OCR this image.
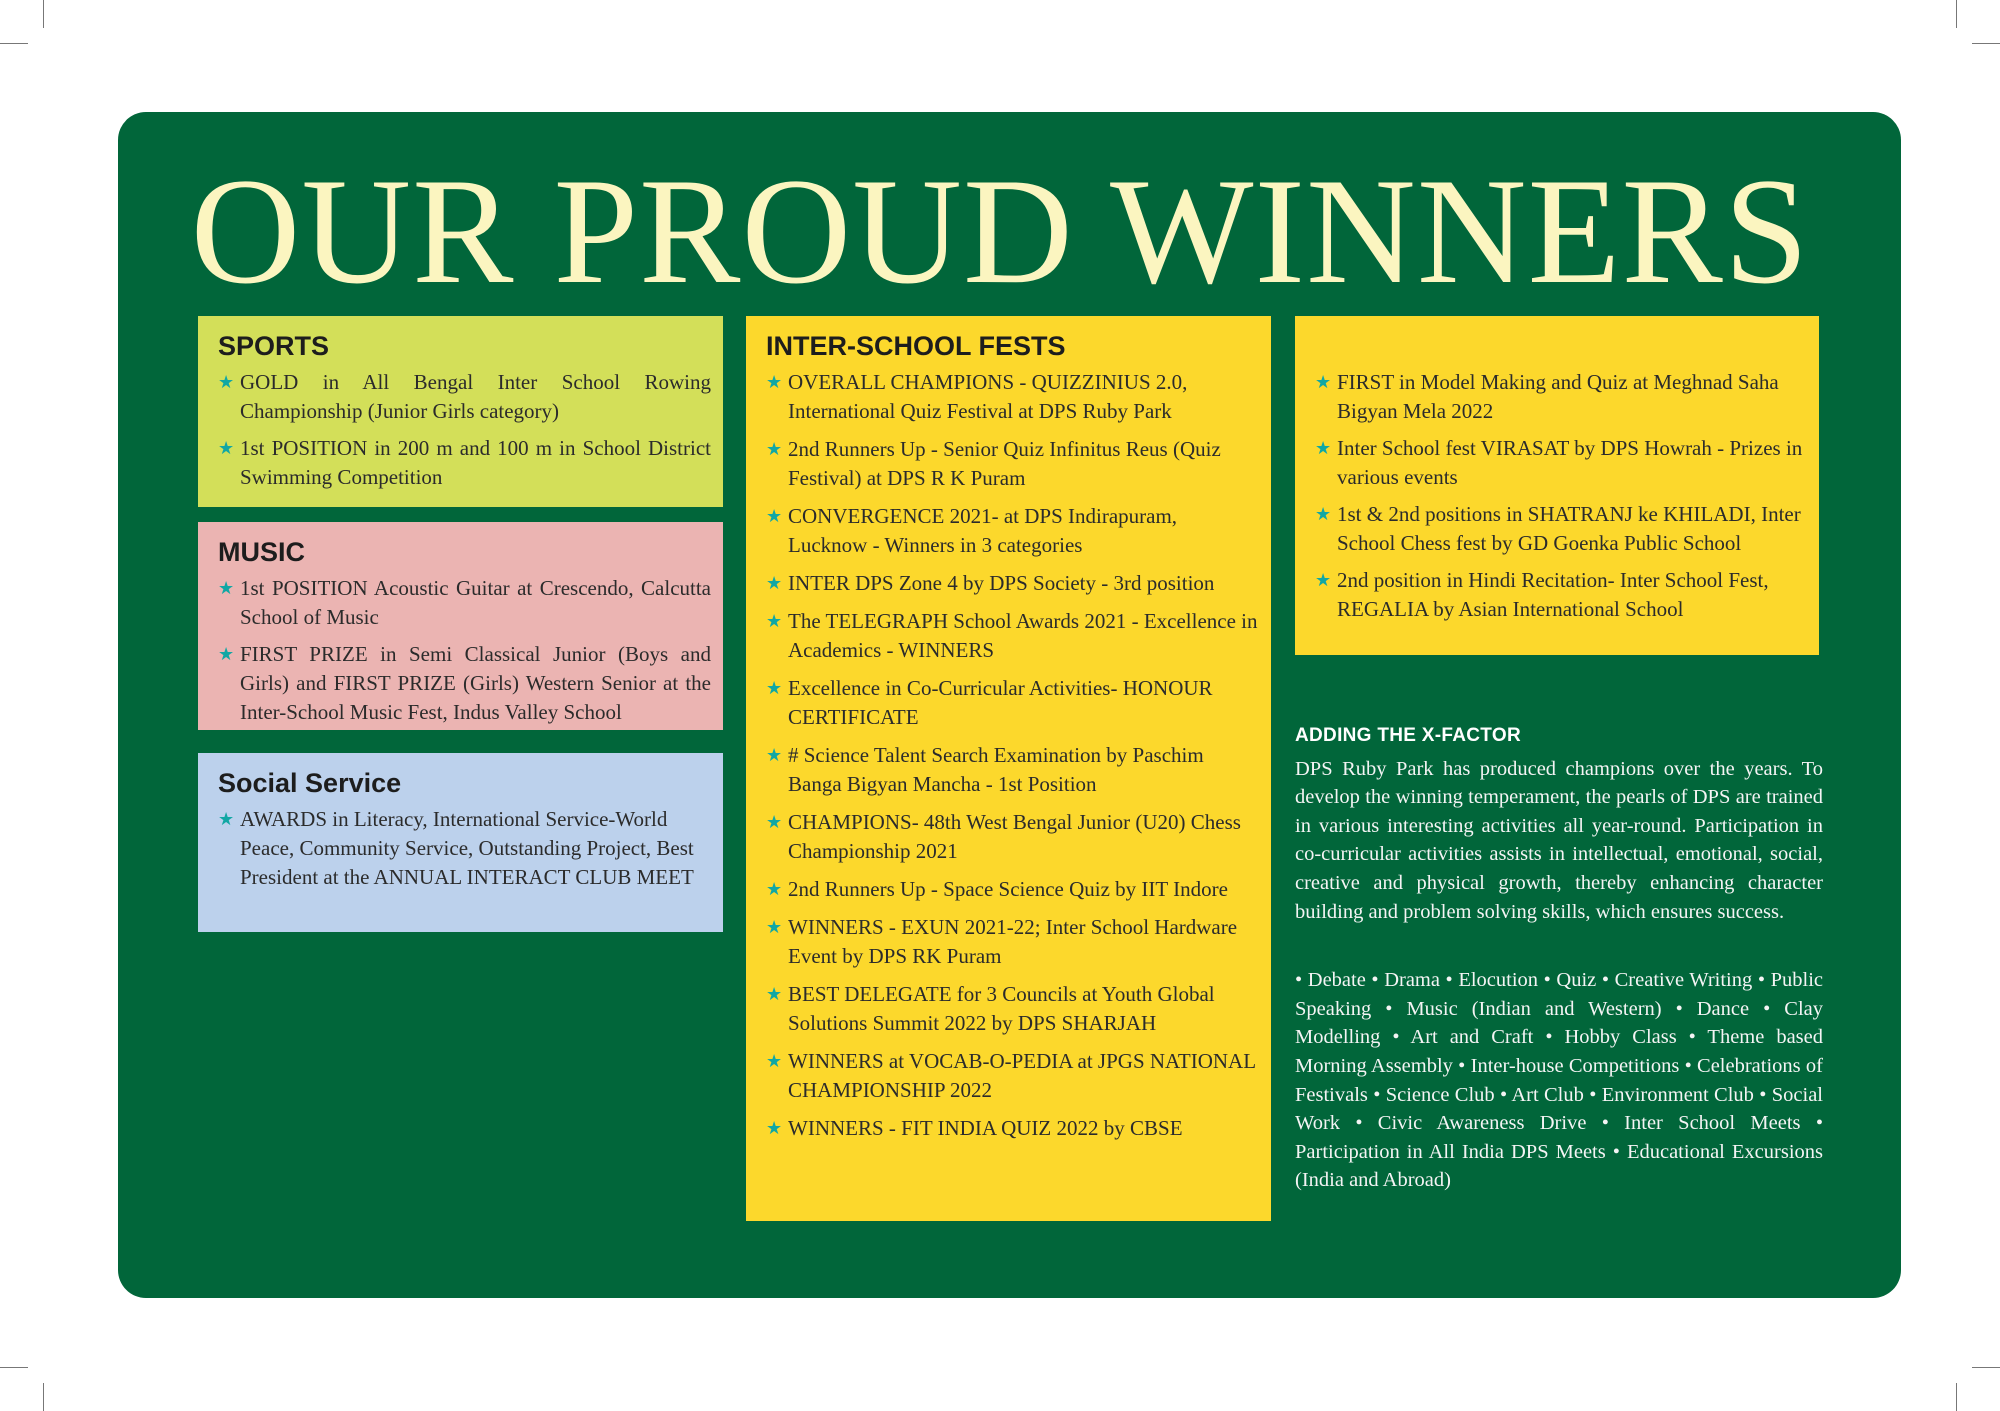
OUR PROUD WINNERS
SPORTS
★ GOLD in All Bengal Inter School Rowing Championship (Junior Girls category)
★ 1st POSITION in 200 m and 100 m in School District Swimming Competition
MUSIC
★ 1st POSITION Acoustic Guitar at Crescendo, Calcutta School of Music
★ FIRST PRIZE in Semi Classical Junior (Boys and Girls) and FIRST PRIZE (Girls) Western Senior at the Inter-School Music Fest, Indus Valley School
Social Service
★ AWARDS in Literacy, International Service-World Peace, Community Service, Outstanding Project, Best President at the ANNUAL INTERACT CLUB MEET
INTER-SCHOOL FESTS
★ OVERALL CHAMPIONS - QUIZZINIUS 2.0, International Quiz Festival at DPS Ruby Park
★ 2nd Runners Up - Senior Quiz Infinitus Reus (Quiz Festival) at DPS R K Puram
★ CONVERGENCE 2021- at DPS Indirapuram, Lucknow - Winners in 3 categories
★ INTER DPS Zone 4 by DPS Society - 3rd position
★ The TELEGRAPH School Awards 2021 - Excellence in Academics - WINNERS
★ Excellence in Co-Curricular Activities- HONOUR CERTIFICATE
★ # Science Talent Search Examination by Paschim Banga Bigyan Mancha - 1st Position
★ CHAMPIONS- 48th West Bengal Junior (U20) Chess Championship 2021
★ 2nd Runners Up - Space Science Quiz by IIT Indore
★ WINNERS - EXUN 2021-22; Inter School Hardware Event by DPS RK Puram
★ BEST DELEGATE for 3 Councils at Youth Global Solutions Summit 2022 by DPS SHARJAH
★ WINNERS at VOCAB-O-PEDIA at JPGS NATIONAL CHAMPIONSHIP 2022
★ WINNERS - FIT INDIA QUIZ 2022 by CBSE
★ FIRST in Model Making and Quiz at Meghnad Saha Bigyan Mela 2022
★ Inter School fest VIRASAT by DPS Howrah - Prizes in various events
★ 1st & 2nd positions in SHATRANJ ke KHILADI, Inter School Chess fest by GD Goenka Public School
★ 2nd position in Hindi Recitation- Inter School Fest, REGALIA by Asian International School
ADDING THE X-FACTOR

DPS Ruby Park has produced champions over the years. To develop the winning temperament, the pearls of DPS are trained in various interesting activities all year-round. Participation in co-curricular activities assists in intellectual, emotional, social, creative and physical growth, thereby enhancing character building and problem solving skills, which ensures success.

• Debate • Drama • Elocution • Quiz • Creative Writing • Public Speaking • Music (Indian and Western) • Dance • Clay Modelling • Art and Craft • Hobby Class • Theme based Morning Assembly • Inter-house Competitions • Celebrations of Festivals • Science Club • Art Club • Environment Club • Social Work • Civic Awareness Drive • Inter School Meets • Participation in All India DPS Meets • Educational Excursions (India and Abroad)
